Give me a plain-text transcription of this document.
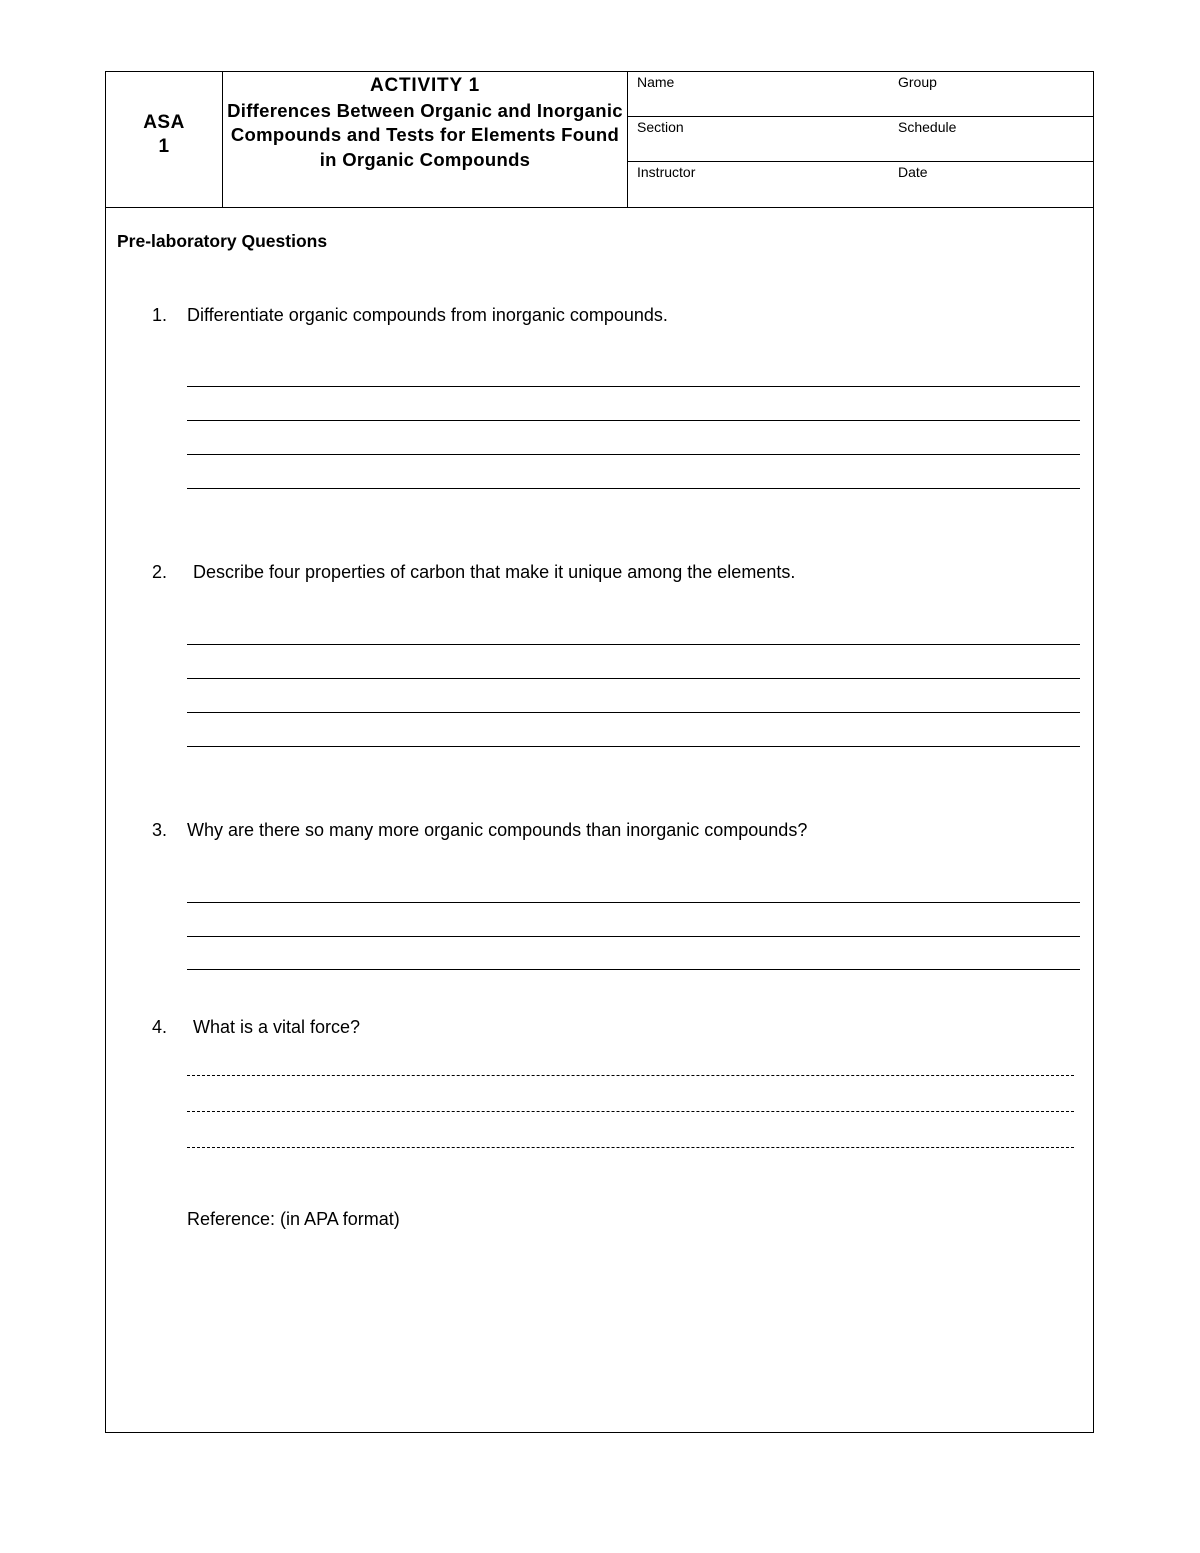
ASA
1
ACTIVITY 1
Differences Between Organic and Inorganic Compounds and Tests for Elements Found in Organic Compounds
Name	Group
Section	Schedule
Instructor	Date
Pre-laboratory Questions
1. Differentiate organic compounds from inorganic compounds.
2. Describe four properties of carbon that make it unique among the elements.
3. Why are there so many more organic compounds than inorganic compounds?
4. What is a vital force?
Reference: (in APA format)
